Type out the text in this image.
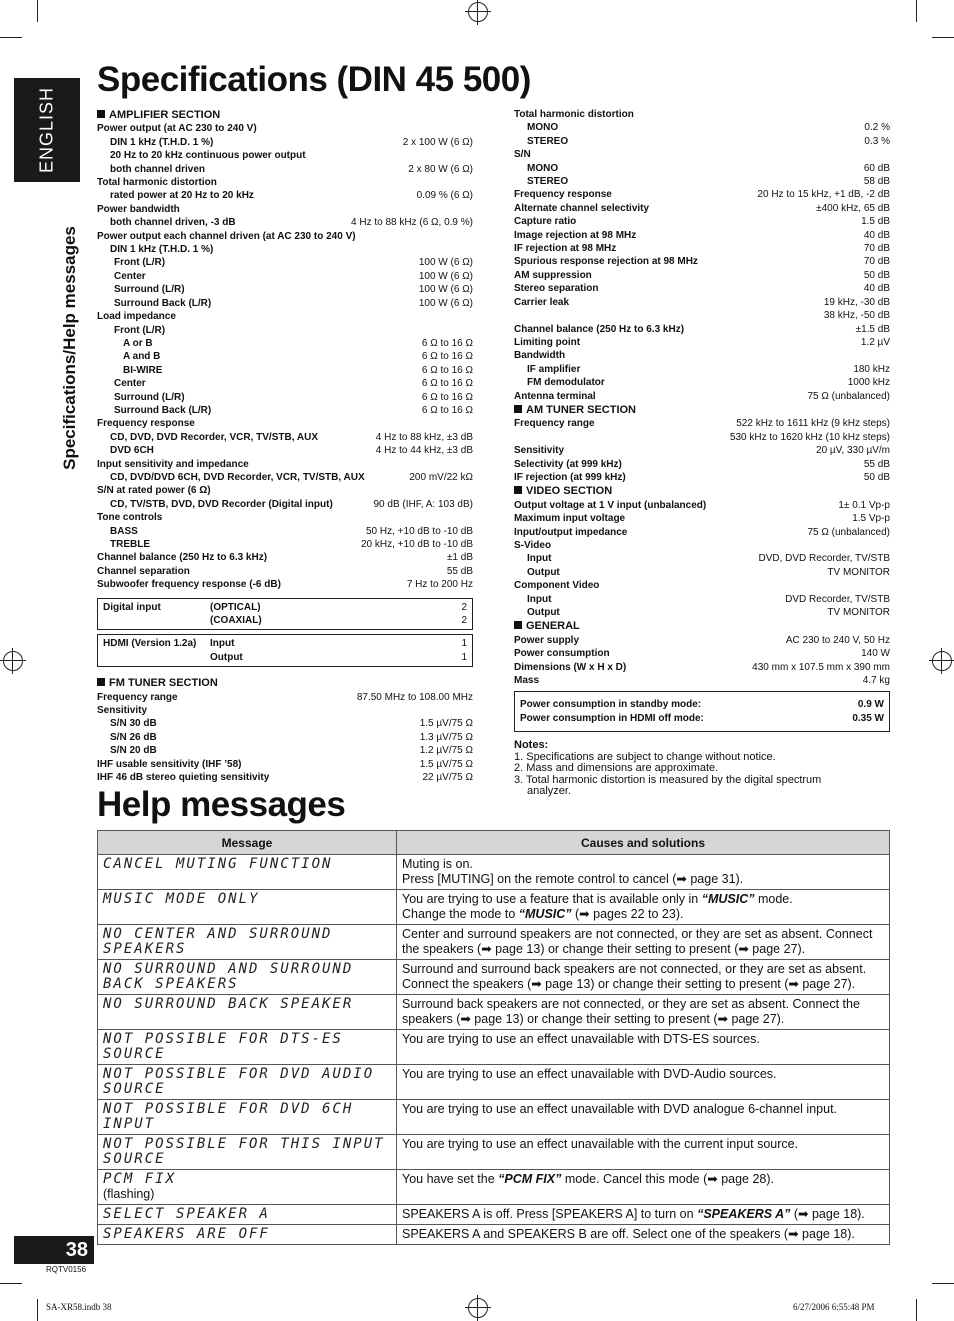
ENGLISH
Specifications/Help messages
Specifications (DIN 45 500)
AMPLIFIER SECTION
Power output (at AC 230 to 240 V)
DIN 1 kHz (T.H.D. 1 %)	2 x 100 W (6 Ω)
20 Hz to 20 kHz continuous power output
both channel driven	2 x 80 W (6 Ω)
Total harmonic distortion
rated power at 20 Hz to 20 kHz	0.09 % (6 Ω)
Power bandwidth
both channel driven, -3 dB	4 Hz to 88 kHz (6 Ω, 0.9 %)
Power output each channel driven (at AC 230 to 240 V)
DIN 1 kHz (T.H.D. 1 %)
Front (L/R)	100 W (6 Ω)
Center	100 W (6 Ω)
Surround (L/R)	100 W (6 Ω)
Surround Back (L/R)	100 W (6 Ω)
Load impedance
Front (L/R)
A or B	6 Ω to 16 Ω
A and B	6 Ω to 16 Ω
BI-WIRE	6 Ω to 16 Ω
Center	6 Ω to 16 Ω
Surround (L/R)	6 Ω to 16 Ω
Surround Back (L/R)	6 Ω to 16 Ω
Frequency response
CD, DVD, DVD Recorder, VCR, TV/STB, AUX	4 Hz to 88 kHz, ±3 dB
DVD 6CH	4 Hz to 44 kHz, ±3 dB
Input sensitivity and impedance
CD, DVD/DVD 6CH, DVD Recorder, VCR, TV/STB, AUX	200 mV/22 kΩ
S/N at rated power (6 Ω)
CD, TV/STB, DVD, DVD Recorder (Digital input)	90 dB (IHF, A: 103 dB)
Tone controls
BASS	50 Hz, +10 dB to -10 dB
TREBLE	20 kHz, +10 dB to -10 dB
Channel balance (250 Hz to 6.3 kHz)	±1 dB
Channel separation	55 dB
Subwoofer frequency response (-6 dB)	7 Hz to 200 Hz
Digital input	(OPTICAL)	2
(COAXIAL)	2
HDMI (Version 1.2a)	Input	1
Output	1
FM TUNER SECTION
Frequency range	87.50 MHz to 108.00 MHz
Sensitivity
S/N 30 dB	1.5 µV/75 Ω
S/N 26 dB	1.3 µV/75 Ω
S/N 20 dB	1.2 µV/75 Ω
IHF usable sensitivity (IHF ’58)	1.5 µV/75 Ω
IHF 46 dB stereo quieting sensitivity	22 µV/75 Ω
Total harmonic distortion
MONO	0.2 %
STEREO	0.3 %
S/N
MONO	60 dB
STEREO	58 dB
Frequency response	20 Hz to 15 kHz, +1 dB, -2 dB
Alternate channel selectivity	±400 kHz, 65 dB
Capture ratio	1.5 dB
Image rejection at 98 MHz	40 dB
IF rejection at 98 MHz	70 dB
Spurious response rejection at 98 MHz	70 dB
AM suppression	50 dB
Stereo separation	40 dB
Carrier leak	19 kHz, -30 dB
38 kHz, -50 dB
Channel balance (250 Hz to 6.3 kHz)	±1.5 dB
Limiting point	1.2 µV
Bandwidth
IF amplifier	180 kHz
FM demodulator	1000 kHz
Antenna terminal	75 Ω (unbalanced)
AM TUNER SECTION
Frequency range	522 kHz to 1611 kHz (9 kHz steps)
530 kHz to 1620 kHz (10 kHz steps)
Sensitivity	20 µV, 330 µV/m
Selectivity (at 999 kHz)	55 dB
IF rejection (at 999 kHz)	50 dB
VIDEO SECTION
Output voltage at 1 V input (unbalanced)	1± 0.1 Vp-p
Maximum input voltage	1.5 Vp-p
Input/output impedance	75 Ω (unbalanced)
S-Video
Input	DVD, DVD Recorder, TV/STB
Output	TV MONITOR
Component Video
Input	DVD Recorder, TV/STB
Output	TV MONITOR
GENERAL
Power supply	AC 230 to 240 V, 50 Hz
Power consumption	140 W
Dimensions (W x H x D)	430 mm x 107.5 mm x 390 mm
Mass	4.7 kg
Power consumption in standby mode:	0.9 W
Power consumption in HDMI off mode:	0.35 W
Notes:
1. Specifications are subject to change without notice.
2. Mass and dimensions are approximate.
3. Total harmonic distortion is measured by the digital spectrum
analyzer.
Help messages
Message	Causes and solutions

CANCEL MUTING FUNCTION	Muting is on.
Press [MUTING] on the remote control to cancel (➡ page 31).

MUSIC MODE ONLY	You are trying to use a feature that is available only in “MUSIC” mode.
Change the mode to “MUSIC” (➡ pages 22 to 23).

NO CENTER AND SURROUND SPEAKERS	Center and surround speakers are not connected, or they are set as absent. Connect the speakers (➡ page 13) or change their setting to present (➡ page 27).

NO SURROUND AND SURROUND BACK SPEAKERS	Surround and surround back speakers are not connected, or they are set as absent. Connect the speakers (➡ page 13) or change their setting to present (➡ page 27).

NO SURROUND BACK SPEAKER	Surround back speakers are not connected, or they are set as absent. Connect the speakers (➡ page 13) or change their setting to present (➡ page 27).

NOT POSSIBLE FOR DTS-ES SOURCE	You are trying to use an effect unavailable with DTS-ES sources.

NOT POSSIBLE FOR DVD AUDIO SOURCE	You are trying to use an effect unavailable with DVD-Audio sources.

NOT POSSIBLE FOR DVD 6CH INPUT	You are trying to use an effect unavailable with DVD analogue 6-channel input.

NOT POSSIBLE FOR THIS INPUT SOURCE	You are trying to use an effect unavailable with the current input source.

PCM FIX
(flashing)	You have set the “PCM FIX” mode. Cancel this mode (➡ page 28).

SELECT SPEAKER A	SPEAKERS A is off. Press [SPEAKERS A] to turn on “SPEAKERS A” (➡ page 18).

SPEAKERS ARE OFF	SPEAKERS A and SPEAKERS B are off. Select one of the speakers (➡ page 18).
38
RQTV0156
SA-XR58.indb 38	6/27/2006 6:55:48 PM
